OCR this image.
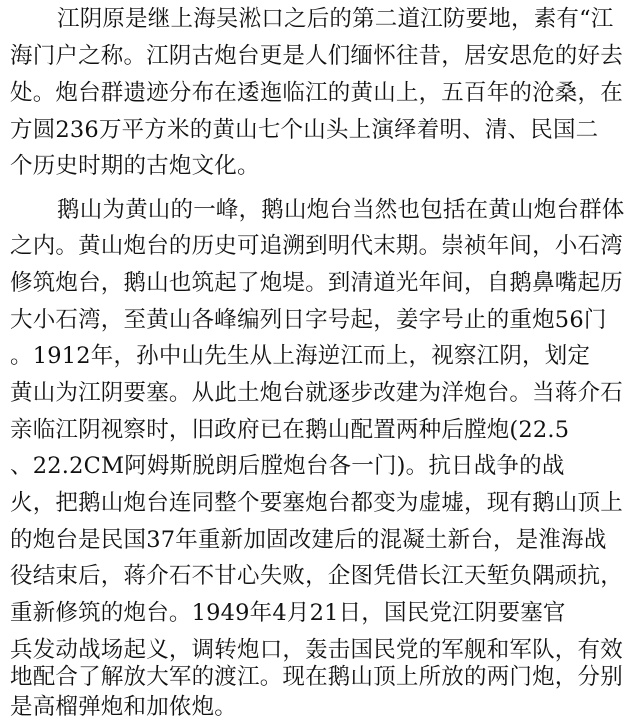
江阴原是继上海吴淞口之后的第二道江防要地，素有“江
海门户之称。江阴古炮台更是人们缅怀往昔，居安思危的好去
处。炮台群遗迹分布在逶迤临江的黄山上，五百年的沧桑，在
方圆236万平方米的黄山七个山头上演绎着明、清、民国二
个历史时期的古炮文化。
鹅山为黄山的一峰，鹅山炮台当然也包括在黄山炮台群体
之内。黄山炮台的历史可追溯到明代末期。崇祯年间，小石湾
修筑炮台，鹅山也筑起了炮堤。到清道光年间，自鹅鼻嘴起历
大小石湾，至黄山各峰编列日字号起，姜字号止的重炮56门
。1912年，孙中山先生从上海逆江而上，视察江阴，划定
黄山为江阴要塞。从此土炮台就逐步改建为洋炮台。当蒋介石
亲临江阴视察时，旧政府已在鹅山配置两种后膛炮(22.5
、22.2CM阿姆斯脱朗后膛炮台各一门)。抗日战争的战
火，把鹅山炮台连同整个要塞炮台都变为虚墟，现有鹅山顶上
的炮台是民国37年重新加固改建后的混凝土新台，是淮海战
役结束后，蒋介石不甘心失败，企图凭借长江天堑负隅顽抗，
重新修筑的炮台。1949年4月21日，国民党江阴要塞官
兵发动战场起义，调转炮口，轰击国民党的军舰和军队，有效
地配合了解放大军的渡江。现在鹅山顶上所放的两门炮，分别
是高榴弹炮和加侬炮。
